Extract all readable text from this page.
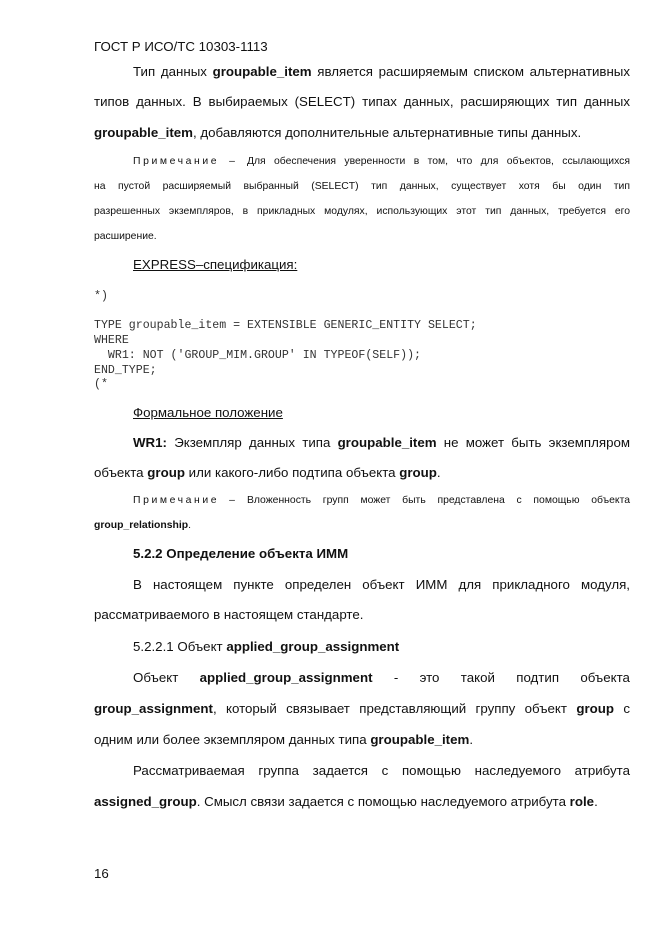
ГОСТ Р ИСО/ТС 10303-1113
Тип данных groupable_item является расширяемым списком альтернативных
типов данных. В выбираемых (SELECT) типах данных, расширяющих тип данных
groupable_item, добавляются дополнительные альтернативные типы данных.
Примечание – Для обеспечения уверенности в том, что для объектов, ссылающихся
на пустой расширяемый выбранный (SELECT) тип данных, существует хотя бы один тип
разрешенных экземпляров, в прикладных модулях, использующих этот тип данных, требуется его
расширение.
EXPRESS–спецификация:
*)
TYPE groupable_item = EXTENSIBLE GENERIC_ENTITY SELECT;
WHERE
WR1: NOT ('GROUP_MIM.GROUP' IN TYPEOF(SELF));
END_TYPE;
(*
Формальное положение
WR1: Экземпляр данных типа groupable_item не может быть экземпляром
объекта group или какого-либо подтипа объекта group.
Примечание – Вложенность групп может быть представлена с помощью объекта
group_relationship.
5.2.2 Определение объекта ИММ
В настоящем пункте определен объект ИММ для прикладного модуля,
рассматриваемого в настоящем стандарте.
5.2.2.1 Объект applied_group_assignment
Объект applied_group_assignment - это такой подтип объекта
group_assignment, который связывает представляющий группу объект group с
одним или более экземпляром данных типа groupable_item.
Рассматриваемая группа задается с помощью наследуемого атрибута
assigned_group. Смысл связи задается с помощью наследуемого атрибута role.
16
